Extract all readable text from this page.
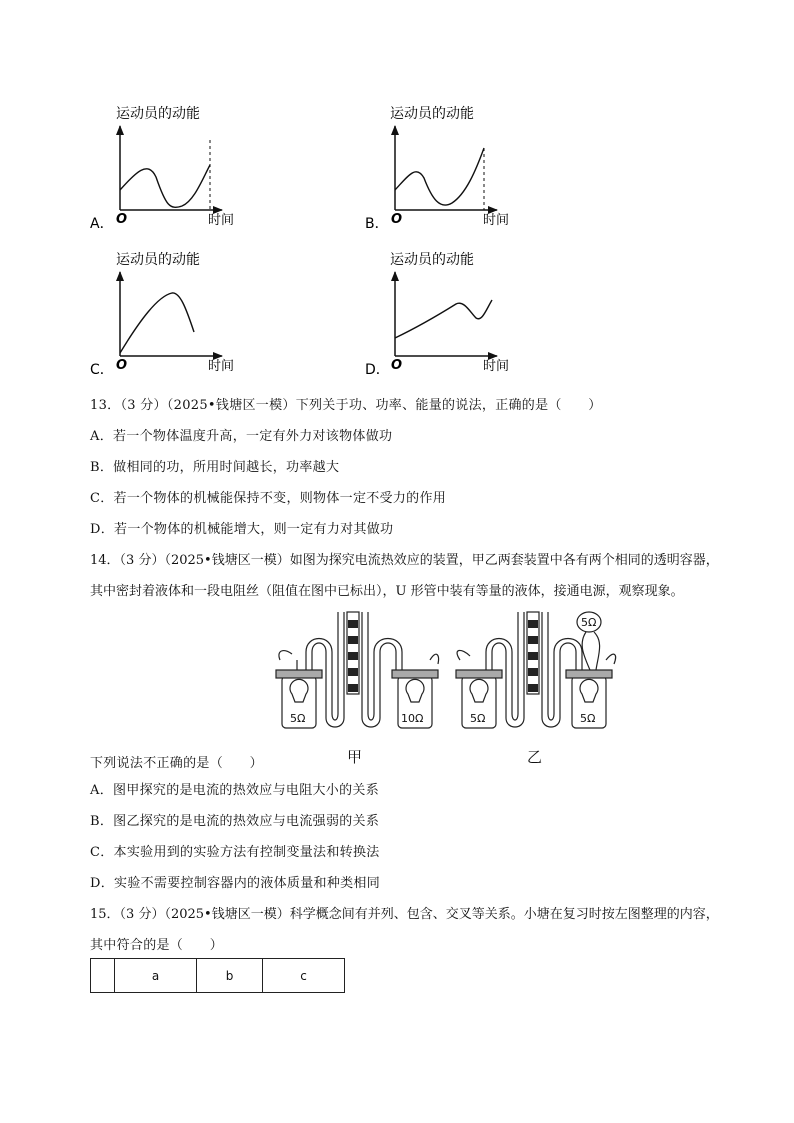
运动员的动能
O	时间
A．
运动员的动能
O	时间
B．
运动员的动能
O	时间
C．
运动员的动能
O	时间
D．
13．（3 分）（2025•钱塘区一模）下列关于功、功率、能量的说法，正确的是（　　）
A．若一个物体温度升高，一定有外力对该物体做功
B．做相同的功，所用时间越长，功率越大
C．若一个物体的机械能保持不变，则物体一定不受力的作用
D．若一个物体的机械能增大，则一定有力对其做功
14．（3 分）（2025•钱塘区一模）如图为探究电流热效应的装置，甲乙两套装置中各有两个相同的透明容器，
其中密封着液体和一段电阻丝（阻值在图中已标出），U 形管中装有等量的液体，接通电源，观察现象。
5Ω	10Ω	5Ω	5Ω
5Ω
甲	乙
下列说法不正确的是（　　）
A．图甲探究的是电流的热效应与电阻大小的关系
B．图乙探究的是电流的热效应与电流强弱的关系
C．本实验用到的实验方法有控制变量法和转换法
D．实验不需要控制容器内的液体质量和种类相同
15．（3 分）（2025•钱塘区一模）科学概念间有并列、包含、交叉等关系。小塘在复习时按左图整理的内容，
其中符合的是（　　）
	a	b	c
